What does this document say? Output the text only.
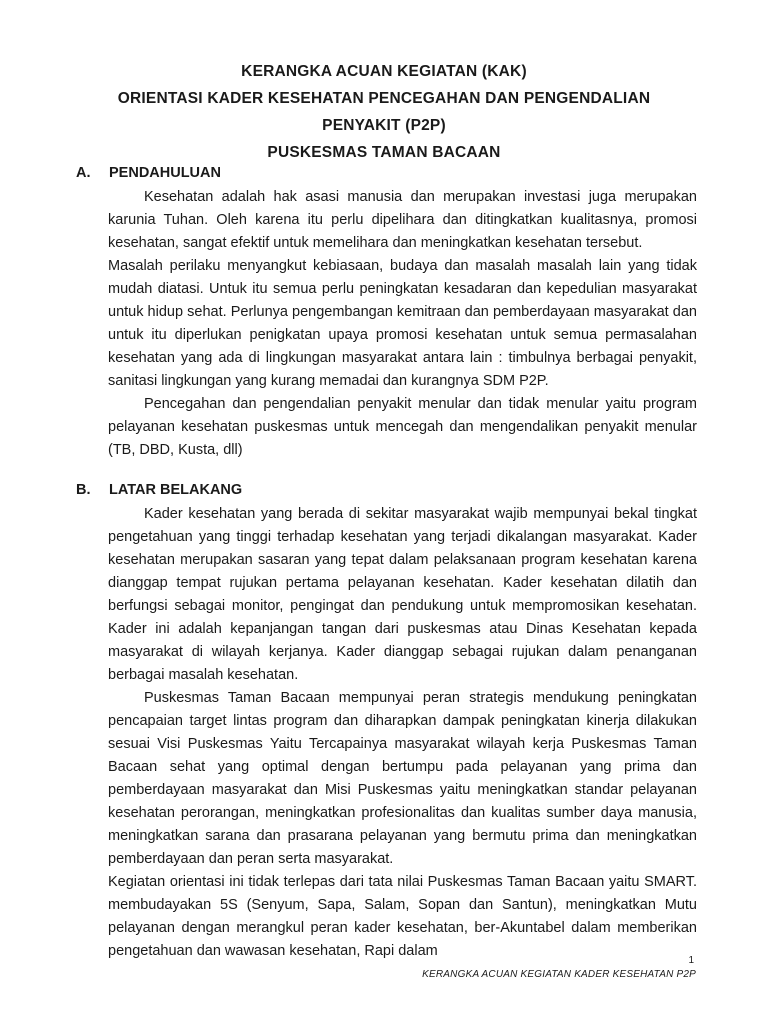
KERANGKA ACUAN KEGIATAN (KAK)
ORIENTASI KADER KESEHATAN PENCEGAHAN DAN PENGENDALIAN
PENYAKIT (P2P)
PUSKESMAS TAMAN BACAAN
A. PENDAHULUAN

Kesehatan adalah hak asasi manusia dan merupakan investasi juga merupakan karunia Tuhan. Oleh karena itu perlu dipelihara dan ditingkatkan kualitasnya, promosi kesehatan, sangat efektif untuk memelihara dan meningkatkan kesehatan tersebut.

Masalah perilaku menyangkut kebiasaan, budaya dan masalah masalah lain yang tidak mudah diatasi. Untuk itu semua perlu peningkatan kesadaran dan kepedulian masyarakat untuk hidup sehat. Perlunya pengembangan kemitraan dan pemberdayaan masyarakat dan untuk itu diperlukan penigkatan upaya promosi kesehatan untuk semua permasalahan kesehatan yang ada di lingkungan masyarakat antara lain : timbulnya berbagai penyakit, sanitasi lingkungan yang kurang memadai dan kurangnya SDM P2P.

Pencegahan dan pengendalian penyakit menular dan tidak menular yaitu program pelayanan kesehatan puskesmas untuk mencegah dan mengendalikan penyakit menular (TB, DBD, Kusta, dll)

B. LATAR BELAKANG

Kader kesehatan yang berada di sekitar masyarakat wajib mempunyai bekal tingkat pengetahuan yang tinggi terhadap kesehatan yang terjadi dikalangan masyarakat. Kader kesehatan merupakan sasaran yang tepat dalam pelaksanaan program kesehatan karena dianggap tempat rujukan pertama pelayanan kesehatan. Kader kesehatan dilatih dan berfungsi sebagai monitor, pengingat dan pendukung untuk mempromosikan kesehatan. Kader ini adalah kepanjangan tangan dari puskesmas atau Dinas Kesehatan kepada masyarakat di wilayah kerjanya. Kader dianggap sebagai rujukan dalam penanganan berbagai masalah kesehatan.

Puskesmas Taman Bacaan mempunyai peran strategis mendukung peningkatan pencapaian target lintas program dan diharapkan dampak peningkatan kinerja dilakukan sesuai Visi Puskesmas Yaitu Tercapainya masyarakat wilayah kerja Puskesmas Taman Bacaan sehat yang optimal dengan bertumpu pada pelayanan yang prima dan pemberdayaan masyarakat dan Misi Puskesmas yaitu meningkatkan standar pelayanan kesehatan perorangan, meningkatkan profesionalitas dan kualitas sumber daya manusia, meningkatkan sarana dan prasarana pelayanan yang bermutu prima dan meningkatkan pemberdayaan dan peran serta masyarakat.

Kegiatan orientasi ini tidak terlepas dari tata nilai Puskesmas Taman Bacaan yaitu SMART. membudayakan 5S (Senyum, Sapa, Salam, Sopan dan Santun), meningkatkan Mutu pelayanan dengan merangkul peran kader kesehatan, ber-Akuntabel dalam memberikan pengetahuan dan wawasan kesehatan, Rapi dalam

1
KERANGKA ACUAN KEGIATAN KADER KESEHATAN P2P
